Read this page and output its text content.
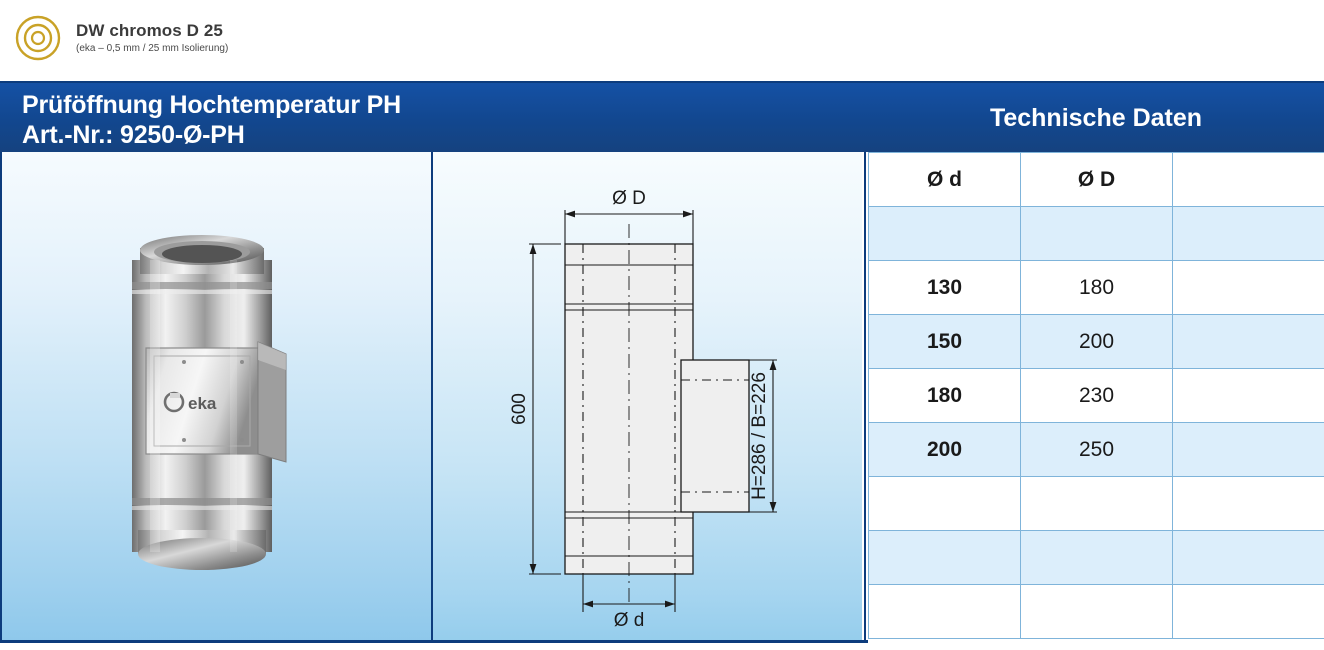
DW chromos D 25
(eka – 0,5 mm / 25 mm Isolierung)
Prüföffnung Hochtemperatur PH
Art.-Nr.: 9250-Ø-PH
Technische Daten
eka
Ø D
Ø d
600	H=286 / B=226
Ø d	Ø D	

130	180	
150	200	
180	230	
200	250	
